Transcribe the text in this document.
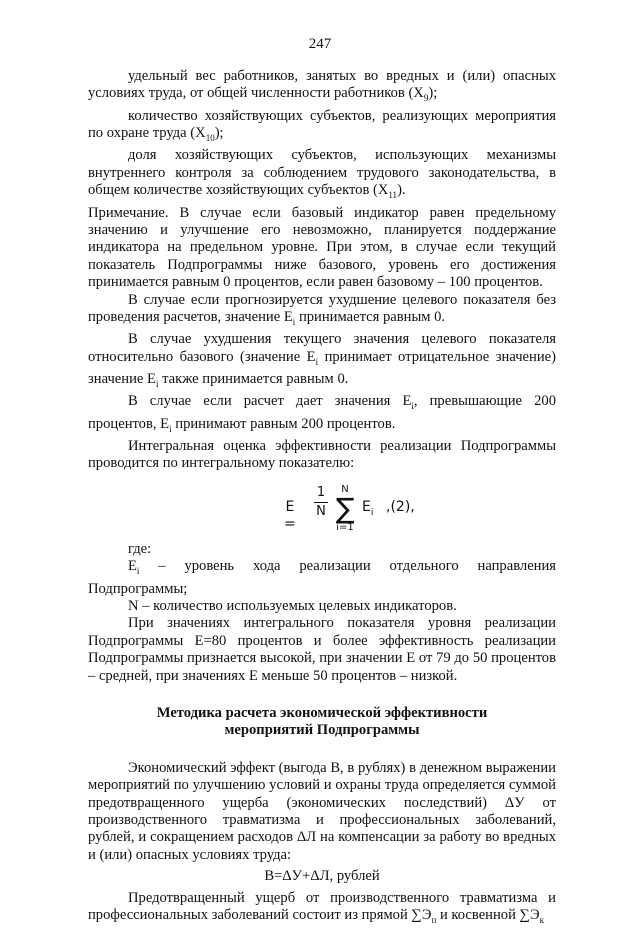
247

удельный вес работников, занятых во вредных и (или) опасных условиях труда, от общей численности работников $(X_9)$;

количество хозяйствующих субъектов, реализующих мероприятия по охране труда $(X_{10})$;

доля хозяйствующих субъектов, использующих механизмы внутреннего контроля за соблюдением трудового законодательства, в общем количестве хозяйствующих субъектов $(X_{11})$.

Примечание. В случае если базовый индикатор равен предельному значению и улучшение его невозможно, планируется поддержание индикатора на предельном уровне. При этом, в случае если текущий показатель Подпрограммы ниже базового, уровень его достижения принимается равным 0 процентов, если равен базовому – 100 процентов.

В случае если прогнозируется ухудшение целевого показателя без проведения расчетов, значение $E_i$ принимается равным 0.

В случае ухудшения текущего значения целевого показателя относительно базового (значение $E_i$ принимает отрицательное значение) значение $E_i$ также принимается равным 0.

В случае если расчет дает значения $E_i$, превышающие 200 процентов, $E_i$ принимают равным 200 процентов.

Интегральная оценка эффективности реализации Подпрограммы проводится по интегральному показателю:

E =
1
N
N
∑
i=1
$E_i$ ,(2),

где:

$E_i$ – уровень хода реализации отдельного направления Подпрограммы;

N – количество используемых целевых индикаторов.

При значениях интегрального показателя уровня реализации Подпрограммы E=80 процентов и более эффективность реализации Подпрограммы признается высокой, при значении E от 79 до 50 процентов – средней, при значениях E меньше 50 процентов – низкой.

Методика расчета экономической эффективности

мероприятий Подпрограммы

Экономический эффект (выгода В, в рублях) в денежном выражении мероприятий по улучшению условий и охраны труда определяется суммой предотвращенного ущерба (экономических последствий) ΔУ от производственного травматизма и профессиональных заболеваний, рублей, и сокращением расходов ΔЛ на компенсации за работу во вредных и (или) опасных условиях труда:

В=ΔУ+ΔЛ, рублей

Предотвращенный ущерб от производственного травматизма и профессиональных заболеваний состоит из прямой $\sum Э_п$ и косвенной $\sum Э_к$
